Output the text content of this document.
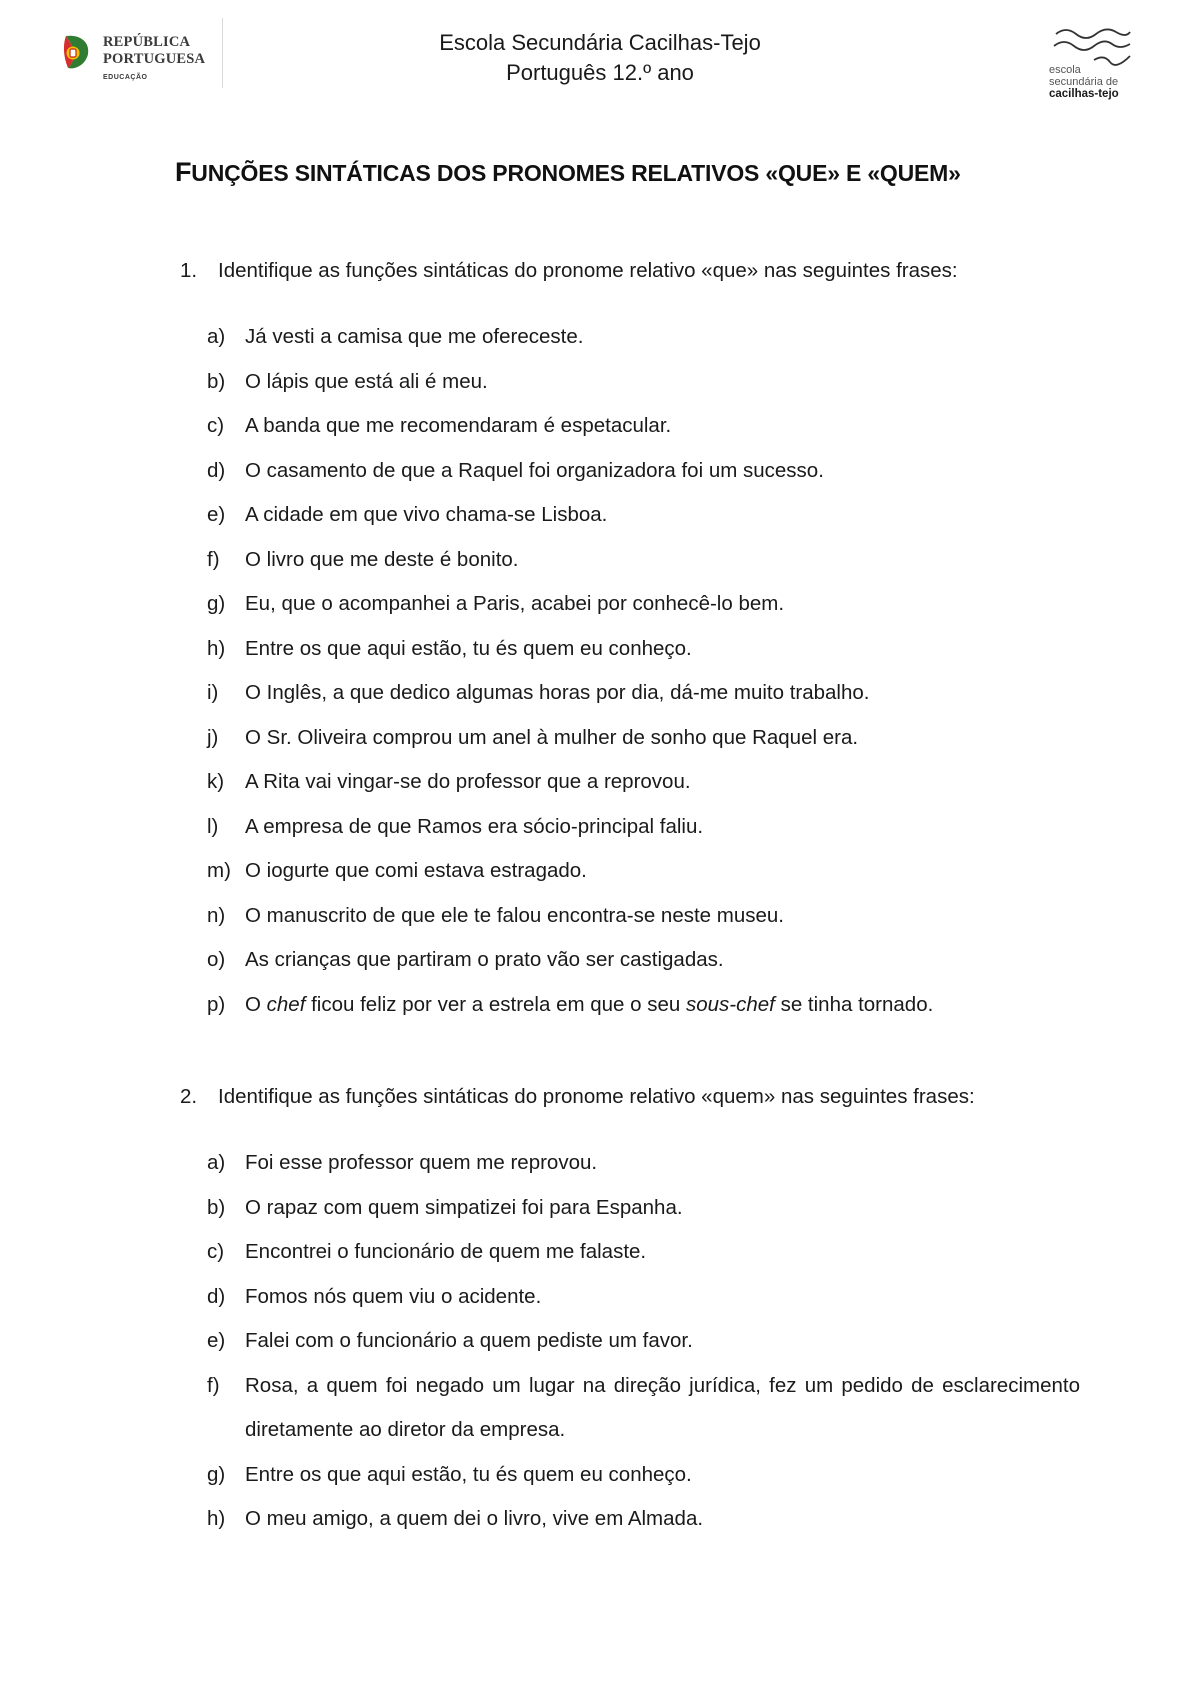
REPÚBLICA
PORTUGUESA
EDUCAÇÃO
Escola Secundária Cacilhas-Tejo
Português 12.º ano	escola
secundária de
cacilhas-tejo
FUNÇÕES SINTÁTICAS DOS PRONOMES RELATIVOS «QUE» E «QUEM»
1. Identifique as funções sintáticas do pronome relativo «que» nas seguintes frases:
a) Já vesti a camisa que me ofereceste.
b) O lápis que está ali é meu.
c) A banda que me recomendaram é espetacular.
d) O casamento de que a Raquel foi organizadora foi um sucesso.
e) A cidade em que vivo chama-se Lisboa.
f) O livro que me deste é bonito.
g) Eu, que o acompanhei a Paris, acabei por conhecê-lo bem.
h) Entre os que aqui estão, tu és quem eu conheço.
i) O Inglês, a que dedico algumas horas por dia, dá-me muito trabalho.
j) O Sr. Oliveira comprou um anel à mulher de sonho que Raquel era.
k) A Rita vai vingar-se do professor que a reprovou.
l) A empresa de que Ramos era sócio-principal faliu.
m) O iogurte que comi estava estragado.
n) O manuscrito de que ele te falou encontra-se neste museu.
o) As crianças que partiram o prato vão ser castigadas.
p) O chef ficou feliz por ver a estrela em que o seu sous-chef se tinha tornado.
2. Identifique as funções sintáticas do pronome relativo «quem» nas seguintes frases:
a) Foi esse professor quem me reprovou.
b) O rapaz com quem simpatizei foi para Espanha.
c) Encontrei o funcionário de quem me falaste.
d) Fomos nós quem viu o acidente.
e) Falei com o funcionário a quem pediste um favor.
f) Rosa, a quem foi negado um lugar na direção jurídica, fez um pedido de esclarecimento diretamente ao diretor da empresa.
g) Entre os que aqui estão, tu és quem eu conheço.
h) O meu amigo, a quem dei o livro, vive em Almada.
